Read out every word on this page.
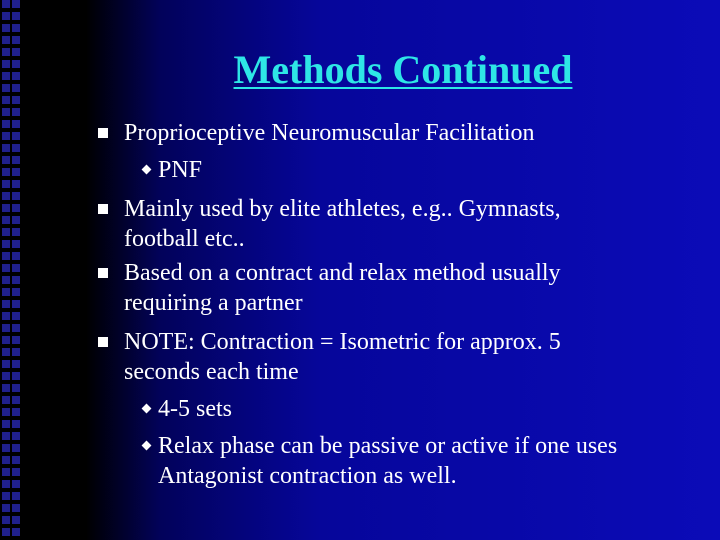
Methods Continued
Proprioceptive Neuromuscular Facilitation
PNF
Mainly used by elite athletes, e.g.. Gymnasts,
football etc..
Based on a contract and relax method usually
requiring a partner
NOTE: Contraction = Isometric for approx. 5
seconds each time
4-5 sets
Relax phase can be passive or active if one uses
Antagonist contraction as well.
